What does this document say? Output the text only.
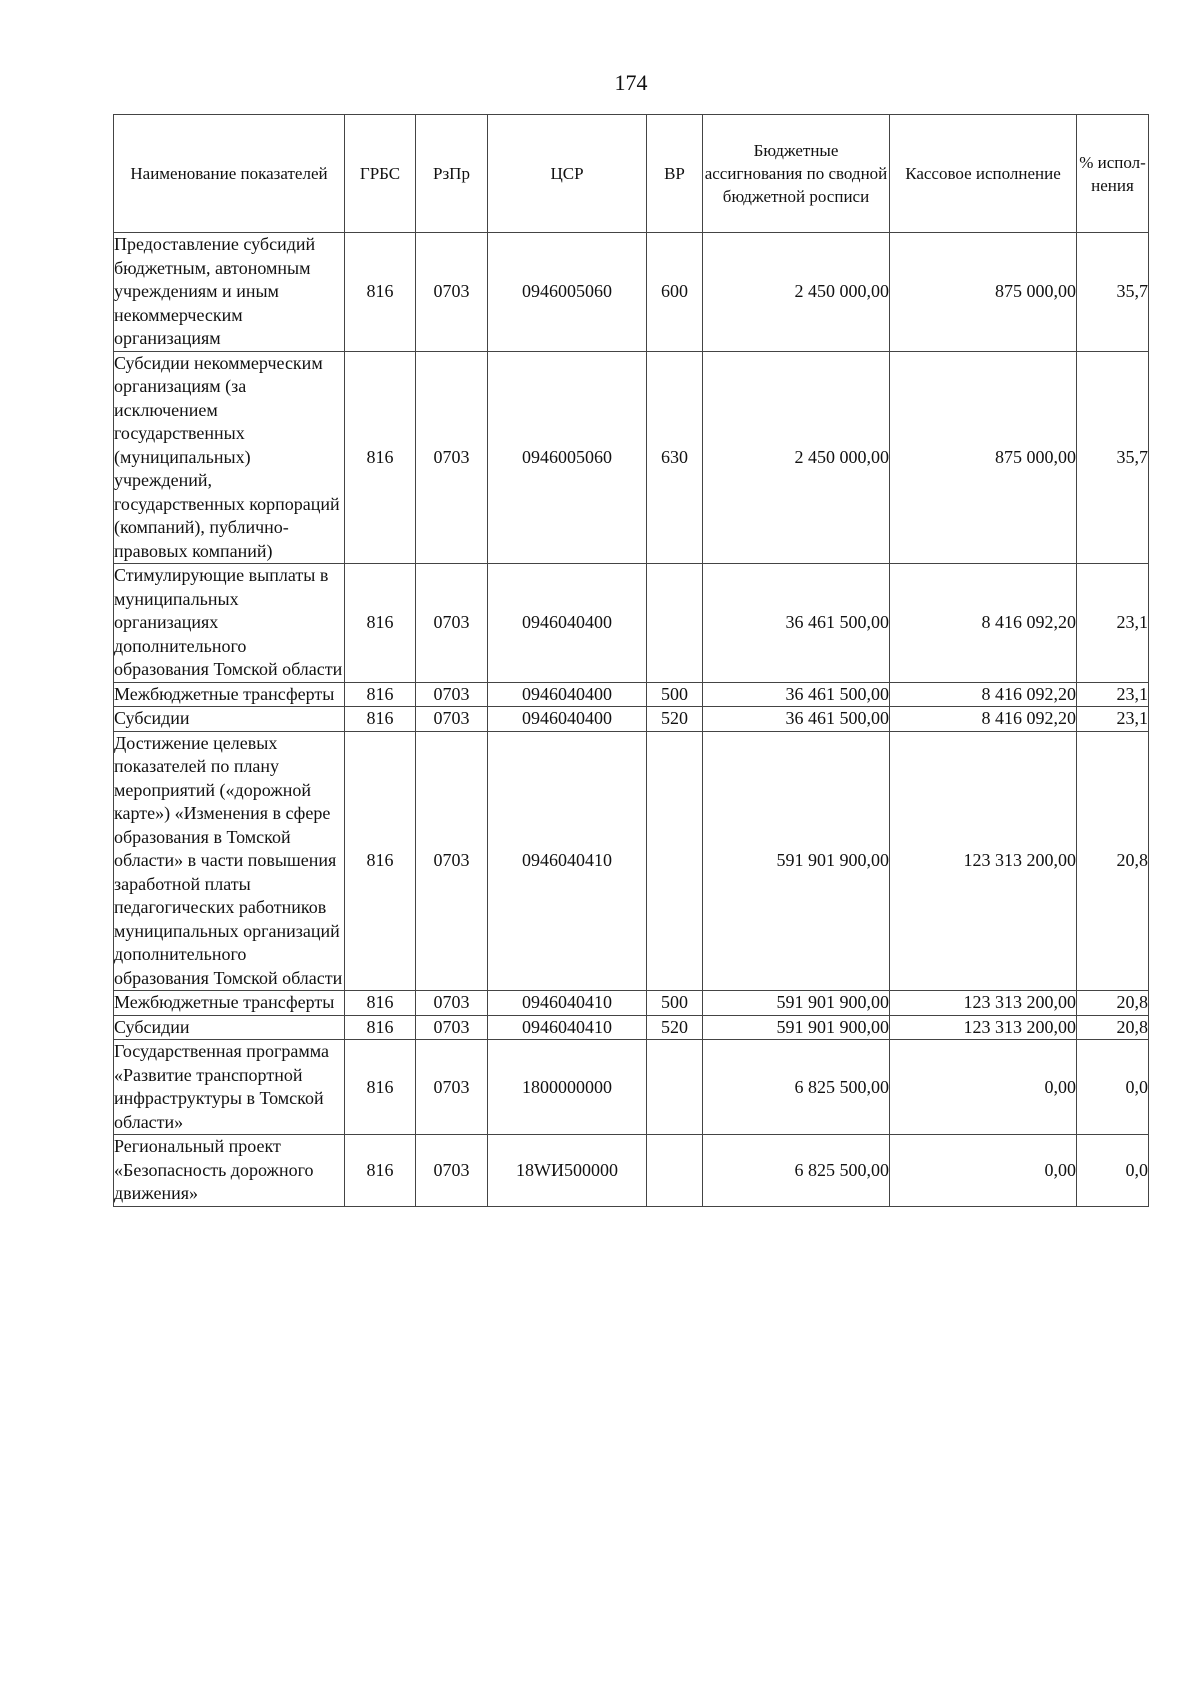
174
Наименование показателей	ГРБС	РзПр	ЦСР	ВР	Бюджетные ассигнования по сводной бюджетной росписи	Кассовое исполнение	% испол-нения
Предоставление субсидий бюджетным, автономным учреждениям и иным некоммерческим организациям	816	0703	0946005060	600	2 450 000,00	875 000,00	35,7
Субсидии некоммерческим организациям (за исключением государственных (муниципальных) учреждений, государственных корпораций (компаний), публично-правовых компаний)	816	0703	0946005060	630	2 450 000,00	875 000,00	35,7
Стимулирующие выплаты в муниципальных организациях дополнительного образования Томской области	816	0703	0946040400		36 461 500,00	8 416 092,20	23,1
Межбюджетные трансферты	816	0703	0946040400	500	36 461 500,00	8 416 092,20	23,1
Субсидии	816	0703	0946040400	520	36 461 500,00	8 416 092,20	23,1
Достижение целевых показателей по плану мероприятий («дорожной карте») «Изменения в сфере образования в Томской области» в части повышения заработной платы педагогических работников муниципальных организаций дополнительного образования Томской области	816	0703	0946040410		591 901 900,00	123 313 200,00	20,8
Межбюджетные трансферты	816	0703	0946040410	500	591 901 900,00	123 313 200,00	20,8
Субсидии	816	0703	0946040410	520	591 901 900,00	123 313 200,00	20,8
Государственная программа «Развитие транспортной инфраструктуры в Томской области»	816	0703	1800000000		6 825 500,00	0,00	0,0
Региональный проект «Безопасность дорожного движения»	816	0703	18WИ500000		6 825 500,00	0,00	0,0
